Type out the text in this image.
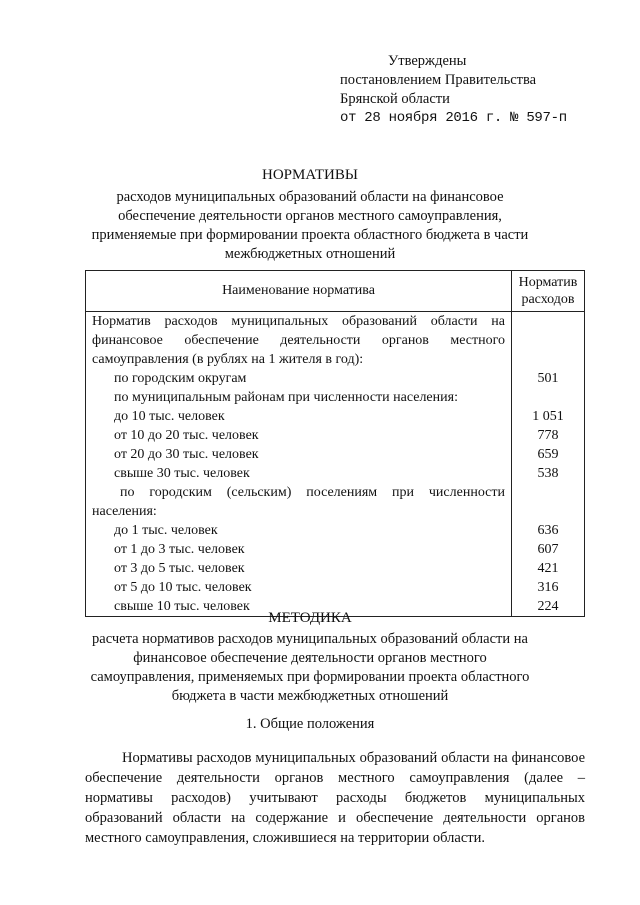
Утверждены
постановлением Правительства
Брянской области
от 28 ноября 2016 г. № 597-п
НОРМАТИВЫ
расходов муниципальных образований области на финансовое обеспечение деятельности органов местного самоуправления, применяемые при формировании проекта областного бюджета в части межбюджетных отношений
Наименование норматива	Норматив расходов
Норматив расходов муниципальных образований области на финансовое обеспечение деятельности органов местного самоуправления (в рублях на 1 жителя в год):	
по городским округам	501
по муниципальным районам при численности населения:	
до 10 тыс. человек	1 051
от 10 до 20 тыс. человек	778
от 20 до 30 тыс. человек	659
свыше 30 тыс. человек	538
по городским (сельским) поселениям при численности населения:	
до 1 тыс. человек	636
от 1 до 3 тыс. человек	607
от 3 до 5 тыс. человек	421
от 5 до 10 тыс. человек	316
свыше 10 тыс. человек	224
МЕТОДИКА
расчета нормативов расходов муниципальных образований области на финансовое обеспечение деятельности органов местного самоуправления, применяемых при формировании проекта областного бюджета в части межбюджетных отношений
1. Общие положения
Нормативы расходов муниципальных образований области на финансовое обеспечение деятельности органов местного самоуправления (далее – нормативы расходов) учитывают расходы бюджетов муниципальных образований области на содержание и обеспечение деятельности органов местного самоуправления, сложившиеся на территории области.
